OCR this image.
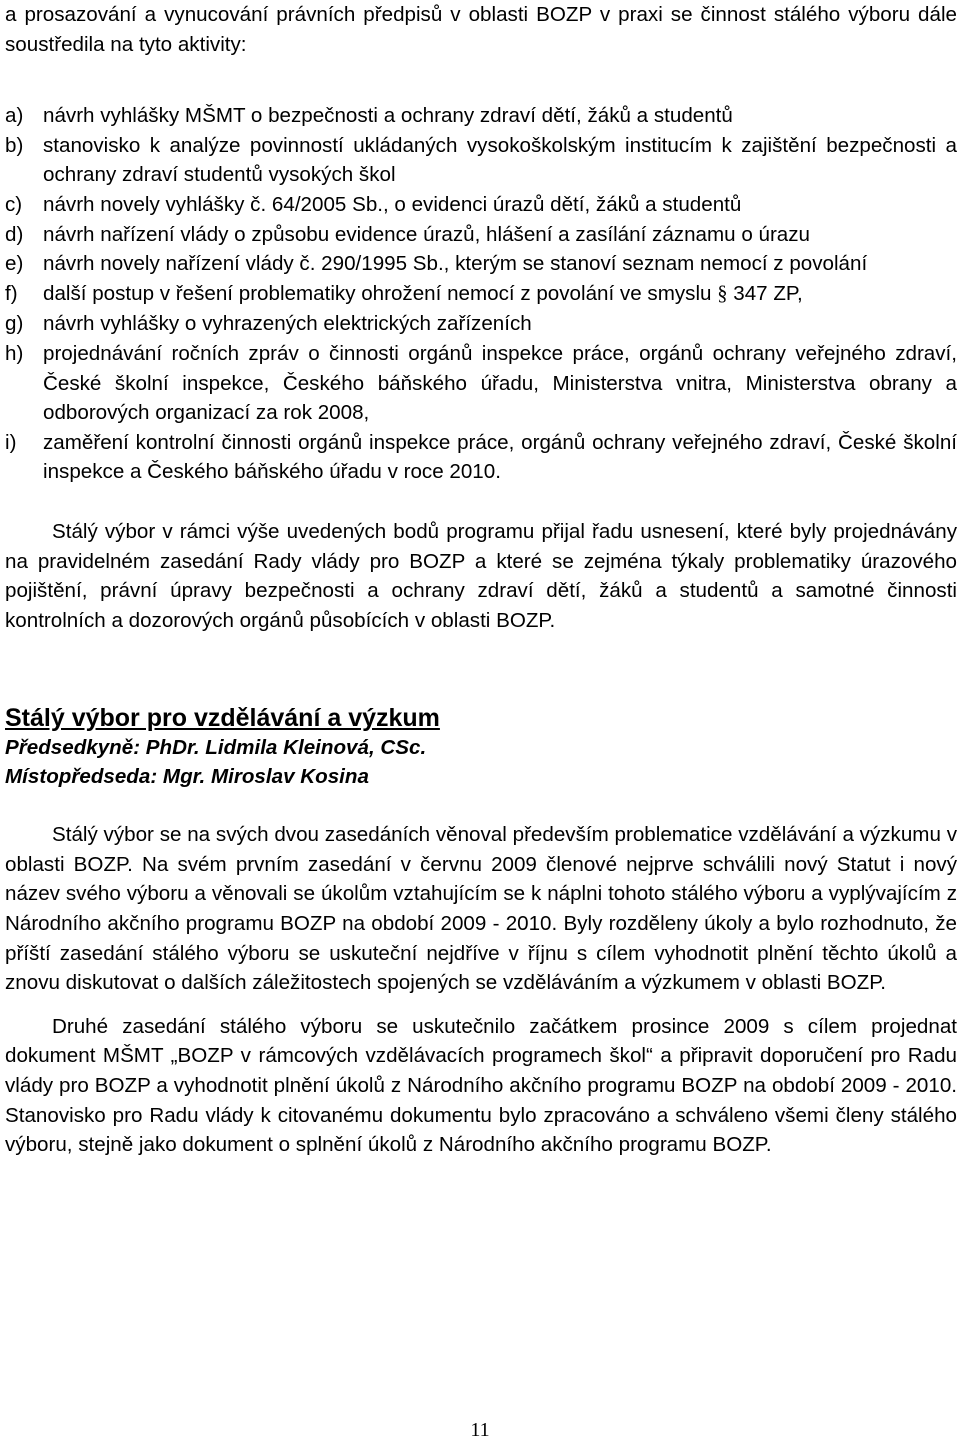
a prosazování a vynucování právních předpisů v oblasti BOZP v praxi se činnost stálého výboru dále soustředila na tyto aktivity:

a) návrh vyhlášky MŠMT o bezpečnosti a ochrany zdraví dětí, žáků a studentů
b) stanovisko k analýze povinností ukládaných vysokoškolským institucím k zajištění bezpečnosti a ochrany zdraví studentů vysokých škol
c)	návrh novely vyhlášky č. 64/2005 Sb., o evidenci úrazů dětí, žáků a studentů
d) návrh nařízení vlády o způsobu evidence úrazů, hlášení a zasílání záznamu o úrazu
e) návrh novely nařízení vlády č. 290/1995 Sb., kterým se stanoví seznam nemocí z povolání
f)	další postup v řešení problematiky ohrožení nemocí z povolání ve smyslu § 347 ZP,
g) návrh vyhlášky o vyhrazených elektrických zařízeních
h) projednávání ročních zpráv o činnosti orgánů inspekce práce, orgánů ochrany veřejného zdraví, České školní inspekce, Českého báňského úřadu, Ministerstva vnitra, Ministerstva obrany a odborových organizací za rok 2008,
i)	zaměření kontrolní činnosti orgánů inspekce práce, orgánů ochrany veřejného zdraví, České školní inspekce a Českého báňského úřadu v roce 2010.

Stálý výbor v rámci výše uvedených bodů programu přijal řadu usnesení, které byly projednávány na pravidelném zasedání Rady vlády pro BOZP a které se zejména týkaly problematiky úrazového pojištění, právní úpravy bezpečnosti a ochrany zdraví dětí, žáků a studentů a samotné činnosti kontrolních a dozorových orgánů působících v oblasti BOZP.

Stálý výbor pro vzdělávání a výzkum
Předsedkyně: PhDr. Lidmila Kleinová, CSc.
Místopředseda: Mgr. Miroslav Kosina

Stálý výbor se na svých dvou zasedáních věnoval především problematice vzdělávání a výzkumu v oblasti BOZP. Na svém prvním zasedání v červnu 2009 členové nejprve schválili nový Statut i nový název svého výboru a věnovali se úkolům vztahujícím se k náplni tohoto stálého výboru a vyplývajícím z Národního akčního programu BOZP na období 2009 - 2010. Byly rozděleny úkoly a bylo rozhodnuto, že příští zasedání stálého výboru se uskuteční nejdříve v říjnu s cílem vyhodnotit plnění těchto úkolů a znovu diskutovat o dalších záležitostech spojených se vzděláváním a výzkumem v oblasti BOZP.

Druhé zasedání stálého výboru se uskutečnilo začátkem prosince 2009 s cílem projednat dokument MŠMT „BOZP v rámcových vzdělávacích programech škol“ a připravit doporučení pro Radu vlády pro BOZP a vyhodnotit plnění úkolů z Národního akčního programu BOZP na období 2009 - 2010. Stanovisko pro Radu vlády k citovanému dokumentu bylo zpracováno a schváleno všemi členy stálého výboru, stejně jako dokument o splnění úkolů z Národního akčního programu BOZP.

11
